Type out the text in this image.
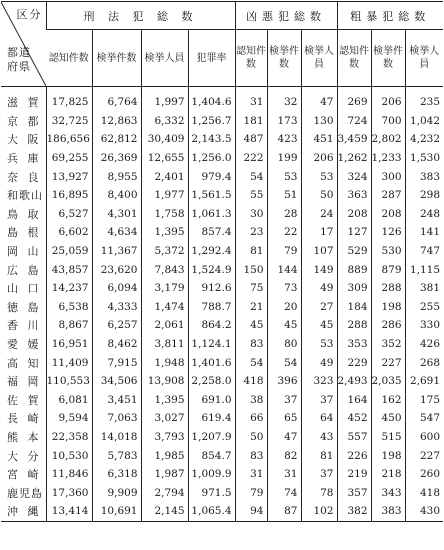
区分
都道府県	刑 法 犯 総 数				凶悪犯総数			粗暴犯総数		
	認知件数	検挙件数	検挙人員	犯罪率	認知件数	検挙件数	検挙人員	認知件数	検挙件数	検挙人員
滋賀	17,825	6,764	1,997	1,404.6	31	32	47	269	206	235
京都	32,725	12,863	6,332	1,256.7	181	173	130	724	700	1,042
大阪	186,656	62,812	30,409	2,143.5	487	423	451	3,459	2,802	4,232
兵庫	69,255	26,369	12,655	1,256.0	222	199	206	1,262	1,233	1,530
奈良	13,927	8,955	2,401	979.4	54	53	53	324	300	383
和歌山	16,895	8,400	1,977	1,561.5	55	51	50	363	287	298
鳥取	6,527	4,301	1,758	1,061.3	30	28	24	208	208	248
島根	6,602	4,634	1,395	857.4	23	22	17	127	126	141
岡山	25,059	11,367	5,372	1,292.4	81	79	107	529	530	747
広島	43,857	23,620	7,843	1,524.9	150	144	149	889	879	1,115
山口	14,237	6,094	3,179	912.6	75	73	49	309	288	381
徳島	6,538	4,333	1,474	788.7	21	20	27	184	198	255
香川	8,867	6,257	2,061	864.2	45	45	45	288	286	330
愛媛	16,951	8,462	3,811	1,124.1	83	80	53	353	352	426
高知	11,409	7,915	1,948	1,401.6	54	54	49	229	227	268
福岡	110,553	34,506	13,908	2,258.0	418	396	323	2,493	2,035	2,691
佐賀	6,081	3,451	1,395	691.0	38	37	37	164	162	175
長崎	9,594	7,063	3,027	619.4	66	65	64	452	450	547
熊本	22,358	14,018	3,793	1,207.9	50	47	43	557	515	600
大分	10,530	5,783	1,985	854.7	83	82	81	226	198	227
宮崎	11,846	6,318	1,987	1,009.9	31	31	37	219	218	260
鹿児島	17,360	9,909	2,794	971.5	79	74	78	357	343	418
沖縄	13,414	10,691	2,145	1,065.4	94	87	102	382	383	430
